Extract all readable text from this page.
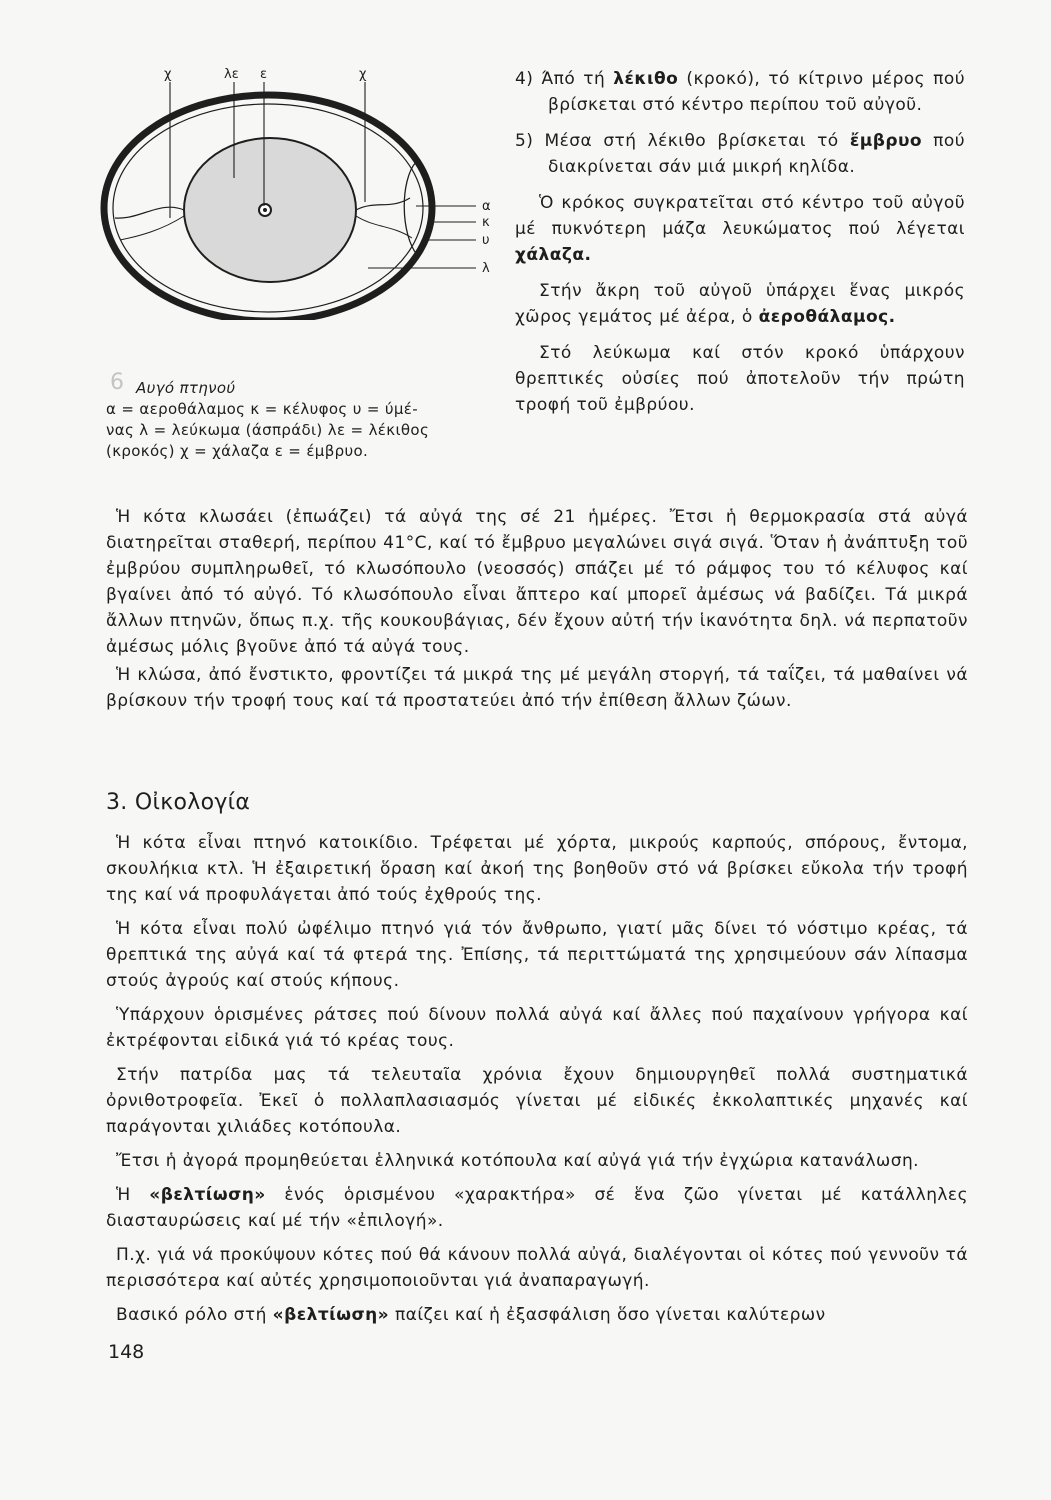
χ	λε ε	χ
α
κ
υ
λ
6 Αυγό πτηνού

α = αεροθάλαμος κ = κέλυφος υ = ύμέ-

νας λ = λεύκωμα (άσπράδι) λε = λέκιθος

(κροκός) χ = χάλαζα ε = έμβρυο.

4) Άπό τή λέκιθο (κροκό), τό κίτρινο μέρος πού βρίσκεται στό κέντρο περίπου τοῦ αὐγοῦ.

5) Μέσα στή λέκιθο βρίσκεται τό ἔμβρυο πού διακρίνεται σάν μιά μικρή κηλίδα.

Ὁ κρόκος συγκρατεῖται στό κέντρο τοῦ αὐγοῦ μέ πυκνότερη μάζα λευκώματος πού λέγεται χάλαζα.

Στήν ἄκρη τοῦ αὐγοῦ ὑπάρχει ἕνας μικρός χῶρος γεμάτος μέ ἀέρα, ὁ ἀεροθάλαμος.

Στό λεύκωμα καί στόν κροκό ὑπάρχουν θρεπτικές οὐσίες πού ἀποτελοῦν τήν πρώτη τροφή τοῦ ἐμβρύου.

Ἡ κότα κλωσάει (ἐπωάζει) τά αὐγά της σέ 21 ἡμέρες. Ἔτσι ἡ θερμοκρασία στά αὐγά διατηρεῖται σταθερή, περίπου 41°C, καί τό ἔμβρυο μεγαλώνει σιγά σιγά. Ὅταν ἡ ἀνάπτυξη τοῦ ἐμβρύου συμπληρωθεῖ, τό κλωσόπουλο (νεοσσός) σπάζει μέ τό ράμφος του τό κέλυφος καί βγαίνει ἀπό τό αὐγό. Τό κλωσόπουλο εἶναι ἄπτερο καί μπορεῖ ἀμέσως νά βαδίζει. Τά μικρά ἄλλων πτηνῶν, ὅπως π.χ. τῆς κουκουβάγιας, δέν ἔχουν αὐτή τήν ἱκανότητα δηλ. νά περπατοῦν ἀμέσως μόλις βγοῦνε ἀπό τά αὐγά τους.

Ἡ κλώσα, ἀπό ἔνστικτο, φροντίζει τά μικρά της μέ μεγάλη στοργή, τά ταΐζει, τά μαθαίνει νά βρίσκουν τήν τροφή τους καί τά προστατεύει ἀπό τήν ἐπίθεση ἄλλων ζώων.

3. Οἰκολογία

Ἡ κότα εἶναι πτηνό κατοικίδιο. Τρέφεται μέ χόρτα, μικρούς καρπούς, σπόρους, ἔντομα, σκουλήκια κτλ. Ἡ ἐξαιρετική ὅραση καί ἀκοή της βοηθοῦν στό νά βρίσκει εὔκολα τήν τροφή της καί νά προφυλάγεται ἀπό τούς ἐχθρούς της.

Ἡ κότα εἶναι πολύ ὠφέλιμο πτηνό γιά τόν ἄνθρωπο, γιατί μᾶς δίνει τό νόστιμο κρέας, τά θρεπτικά της αὐγά καί τά φτερά της. Ἐπίσης, τά περιττώματά της χρησιμεύουν σάν λίπασμα στούς ἀγρούς καί στούς κήπους.

Ὑπάρχουν ὁρισμένες ράτσες πού δίνουν πολλά αὐγά καί ἄλλες πού παχαίνουν γρήγορα καί ἐκτρέφονται εἰδικά γιά τό κρέας τους.

Στήν πατρίδα μας τά τελευταῖα χρόνια ἔχουν δημιουργηθεῖ πολλά συστηματικά ὀρνιθοτροφεῖα. Ἐκεῖ ὁ πολλαπλασιασμός γίνεται μέ εἰδικές ἐκκολαπτικές μηχανές καί παράγονται χιλιάδες κοτόπουλα.

Ἔτσι ἡ ἀγορά προμηθεύεται ἑλληνικά κοτόπουλα καί αὐγά γιά τήν ἐγχώρια κατανάλωση.

Ἡ «βελτίωση» ἑνός ὁρισμένου «χαρακτήρα» σέ ἕνα ζῶο γίνεται μέ κατάλληλες διασταυρώσεις καί μέ τήν «ἐπιλογή».

Π.χ. γιά νά προκύψουν κότες πού θά κάνουν πολλά αὐγά, διαλέγονται οἱ κότες πού γεννοῦν τά περισσότερα καί αὐτές χρησιμοποιοῦνται γιά ἀναπαραγωγή.

Βασικό ρόλο στή «βελτίωση» παίζει καί ἡ ἐξασφάλιση ὅσο γίνεται καλύτερων

148
